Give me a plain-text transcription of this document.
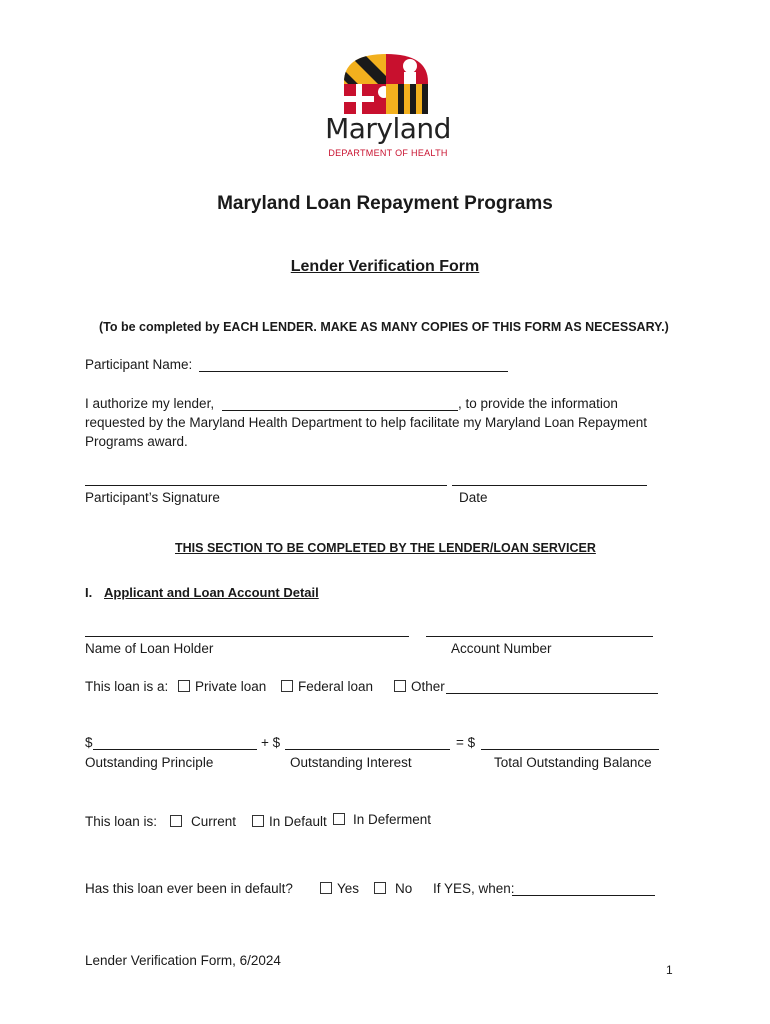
Maryland
DEPARTMENT OF HEALTH
Maryland Loan Repayment Programs
Lender Verification Form
(To be completed by EACH LENDER. MAKE AS MANY COPIES OF THIS FORM AS NECESSARY.)
Participant Name:
I authorize my lender,	, to provide the information
requested by the Maryland Health Department to help facilitate my Maryland Loan Repayment
Programs award.
Participant’s Signature	Date
THIS SECTION TO BE COMPLETED BY THE LENDER/LOAN SERVICER
I. Applicant and Loan Account Detail
Name of Loan Holder	Account Number
This loan is a:	Private loan	Federal loan	Other
$	+ $	= $
Outstanding Principle	Outstanding Interest	Total Outstanding Balance
This loan is:	Current	In Default	In Deferment
Has this loan ever been in default?	Yes	No If YES, when:
Lender Verification Form, 6/2024
1
